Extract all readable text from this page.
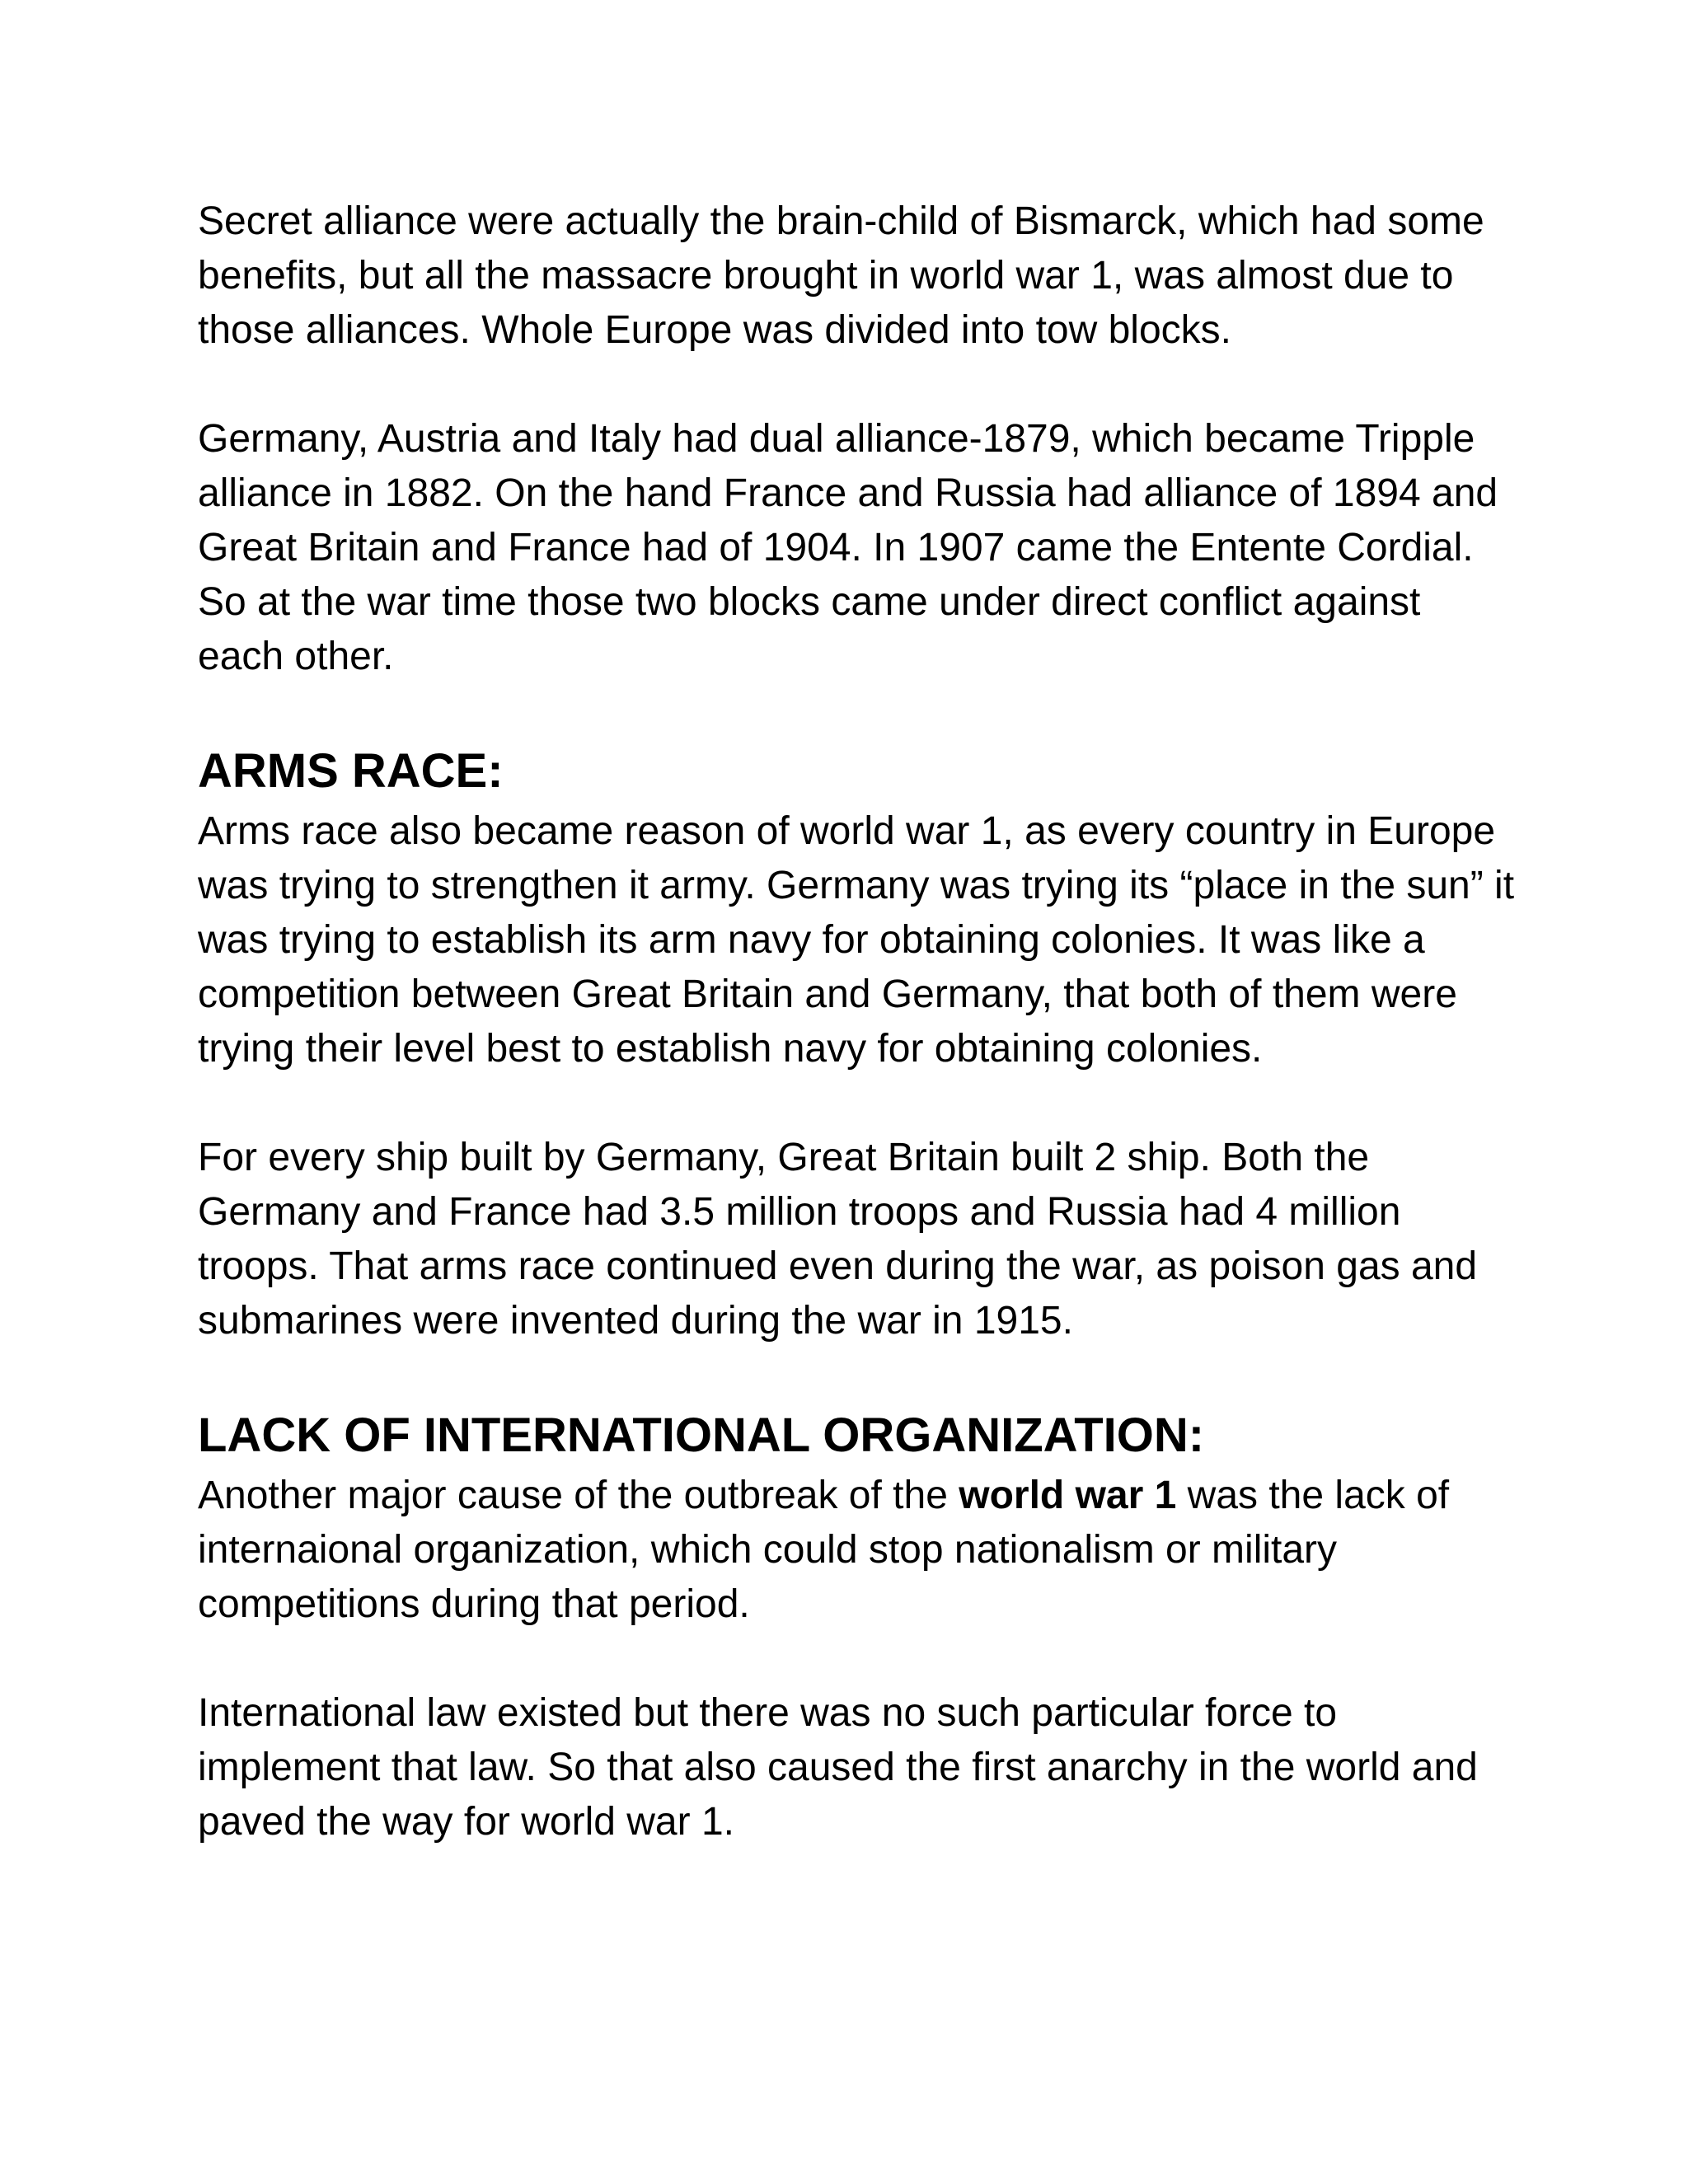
Secret alliance were actually the brain-child of Bismarck, which had some benefits, but all the massacre brought in world war 1, was almost due to those alliances. Whole Europe was divided into tow blocks.

Germany, Austria and Italy had dual alliance-1879, which became Tripple alliance in 1882. On the hand France and Russia had alliance of 1894 and Great Britain and France had of 1904. In 1907 came the Entente Cordial. So at the war time those two blocks came under direct conflict against each other.

ARMS RACE:

Arms race also became reason of world war 1, as every country in Europe was trying to strengthen it army. Germany was trying its “place in the sun” it was trying to establish its arm navy for obtaining colonies. It was like a competition between Great Britain and Germany, that both of them were trying their level best to establish navy for obtaining colonies.

For every ship built by Germany, Great Britain built 2 ship. Both the Germany and France had 3.5 million troops and Russia had 4 million troops. That arms race continued even during the war, as poison gas and submarines were invented during the war in 1915.

LACK OF INTERNATIONAL ORGANIZATION:

Another major cause of the outbreak of the world war 1 was the lack of internaional organization, which could stop nationalism or military competitions during that period.

International law existed but there was no such particular force to implement that law. So that also caused the first anarchy in the world and paved the way for world war 1.
